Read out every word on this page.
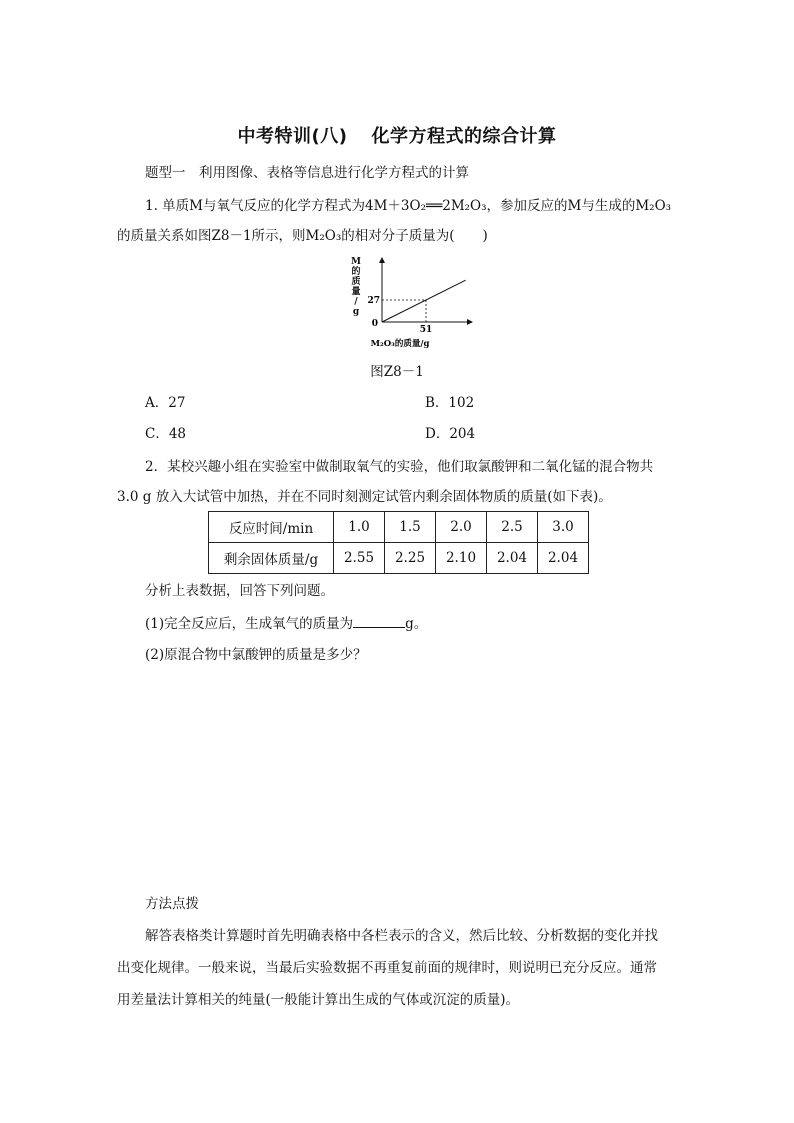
中考特训(八) 化学方程式的综合计算
题型一　利用图像、表格等信息进行化学方程式的计算
1. 单质M与氧气反应的化学方程式为4M＋3O₂══2M₂O₃，参加反应的M与生成的M₂O₃
的质量关系如图Z8－1所示，则M₂O₃的相对分子质量为( )
M
的
质
量
/
g
0
27
51
M₂O₃的质量/g
图Z8－1
A．27	B．102
C．48	D．204
2．某校兴趣小组在实验室中做制取氧气的实验，他们取氯酸钾和二氧化锰的混合物共
3.0 g 放入大试管中加热，并在不同时刻测定试管内剩余固体物质的质量(如下表)。
反应时间/min	1.0	1.5	2.0	2.5	3.0
剩余固体质量/g	2.55	2.25	2.10	2.04	2.04
分析上表数据，回答下列问题。
(1)完全反应后，生成氧气的质量为	g。
(2)原混合物中氯酸钾的质量是多少？
方法点拨
解答表格类计算题时首先明确表格中各栏表示的含义，然后比较、分析数据的变化并找
出变化规律。一般来说，当最后实验数据不再重复前面的规律时，则说明已充分反应。通常
用差量法计算相关的纯量(一般能计算出生成的气体或沉淀的质量)。
